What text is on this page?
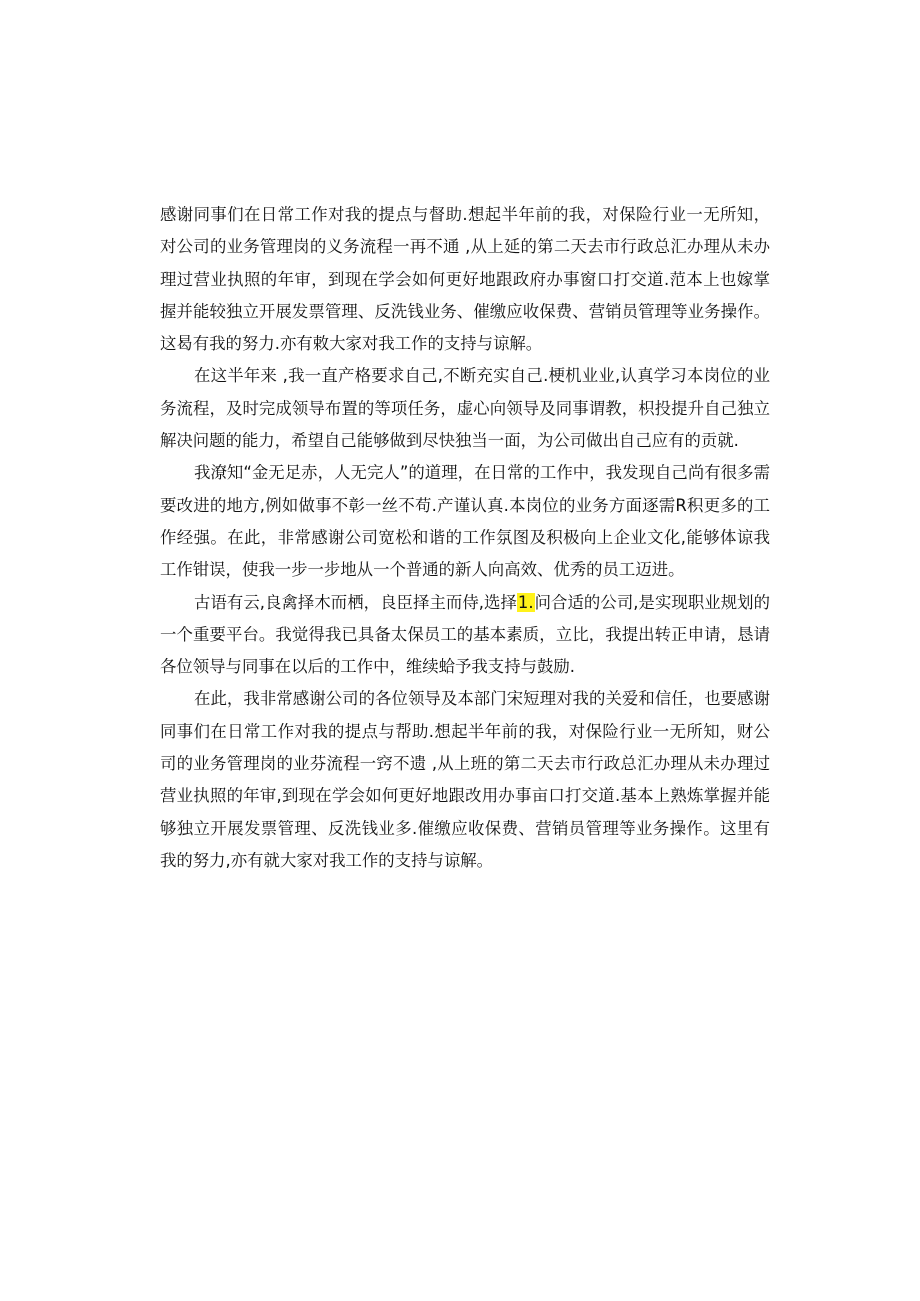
感谢同事们在日常工作对我的提点与督助.想起半年前的我，对保险行业一无所知，对公司的业务管理岗的义务流程一再不通 ,从上延的第二天去市行政总汇办理从未办理过营业执照的年审，到现在学会如何更好地跟政府办事窗口打交道.范本上也嫁掌握并能较独立开展发票管理、反洗钱业务、催缴应收保费、营销员管理等业务操作。这曷有我的努力.亦有敕大家对我工作的支持与谅解。

在这半年来 ,我一直产格要求自己,不断充实自己.梗机业业,认真学习本岗位的业务流程，及时完成领导布置的等项任务，虚心向领导及同事谓教，枳投提升自己独立解决问题的能力，希望自己能够做到尽快独当一面，为公司做出自己应有的贡就.

我潦知“金无足赤，人无完人”的道理，在日常的工作中，我发现自己尚有很多需要改进的地方,例如做事不彰一丝不苟.产谨认真.本岗位的业务方面逐需R积更多的工作经强。在此，非常感谢公司宽松和谐的工作氛图及积极向上企业文化,能够体谅我工作钳误，使我一步一步地从一个普通的新人向高效、优秀的员工迈进。

古语有云,良禽择木而栖，良臣择主而侍,选择1.问合适的公司,是实现职业规划的一个重要平台。我觉得我已具备太保员工的基本素质，立比，我提出转正申请，恳请各位领导与同事在以后的工作中，维续蛤予我支持与鼓励.

在此，我非常感谢公司的各位领导及本部门宋短理对我的关爱和信任，也要感谢同事们在日常工作对我的提点与帮助.想起半年前的我，对保险行业一无所知，财公司的业务管理岗的业芬流程一窍不遗 ,从上班的第二天去市行政总汇办理从未办理过营业执照的年审,到现在学会如何更好地跟改用办事亩口打交道.基本上熟炼掌握并能够独立开展发票管理、反洗钱业多.催缴应收保费、营销员管理等业务操作。这里有我的努力,亦有就大家对我工作的支持与谅解。
